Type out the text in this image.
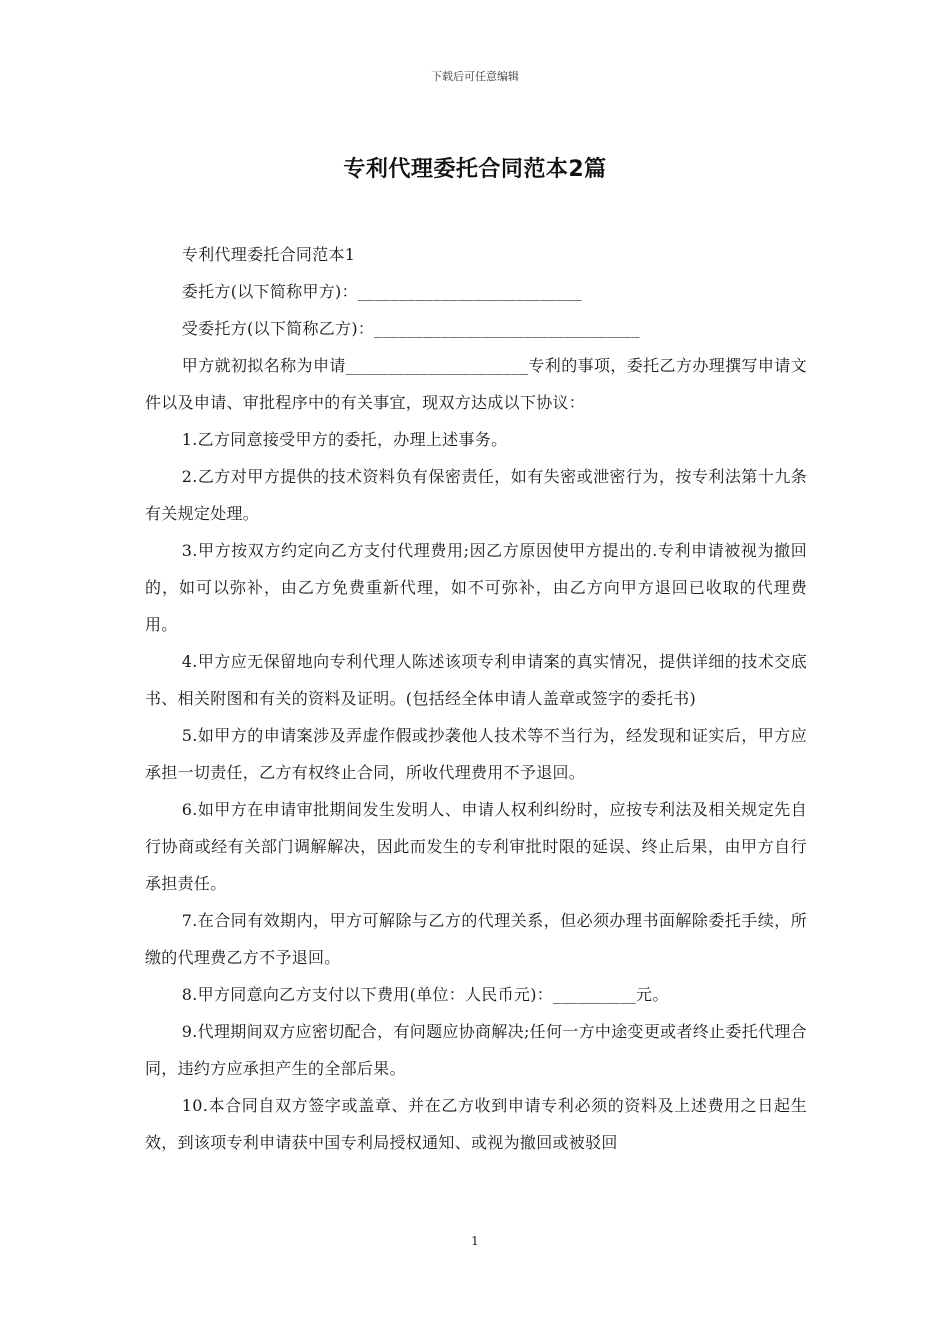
下载后可任意编辑
专利代理委托合同范本2篇

专利代理委托合同范本1

委托方(以下简称甲方)：___________________________

受委托方(以下简称乙方)：________________________________

甲方就初拟名称为申请______________________专利的事项，委托乙方办理撰写申请文件以及申请、审批程序中的有关事宜，现双方达成以下协议：

1.乙方同意接受甲方的委托，办理上述事务。

2.乙方对甲方提供的技术资料负有保密责任，如有失密或泄密行为，按专利法第十九条有关规定处理。

3.甲方按双方约定向乙方支付代理费用;因乙方原因使甲方提出的.专利申请被视为撤回的，如可以弥补，由乙方免费重新代理，如不可弥补，由乙方向甲方退回已收取的代理费用。

4.甲方应无保留地向专利代理人陈述该项专利申请案的真实情况，提供详细的技术交底书、相关附图和有关的资料及证明。(包括经全体申请人盖章或签字的委托书)

5.如甲方的申请案涉及弄虚作假或抄袭他人技术等不当行为，经发现和证实后，甲方应承担一切责任，乙方有权终止合同，所收代理费用不予退回。

6.如甲方在申请审批期间发生发明人、申请人权利纠纷时，应按专利法及相关规定先自行协商或经有关部门调解解决，因此而发生的专利审批时限的延误、终止后果，由甲方自行承担责任。

7.在合同有效期内，甲方可解除与乙方的代理关系，但必须办理书面解除委托手续，所缴的代理费乙方不予退回。

8.甲方同意向乙方支付以下费用(单位：人民币元)：__________元。

9.代理期间双方应密切配合，有问题应协商解决;任何一方中途变更或者终止委托代理合同，违约方应承担产生的全部后果。

10.本合同自双方签字或盖章、并在乙方收到申请专利必须的资料及上述费用之日起生效，到该项专利申请获中国专利局授权通知、或视为撤回或被驳回

1
